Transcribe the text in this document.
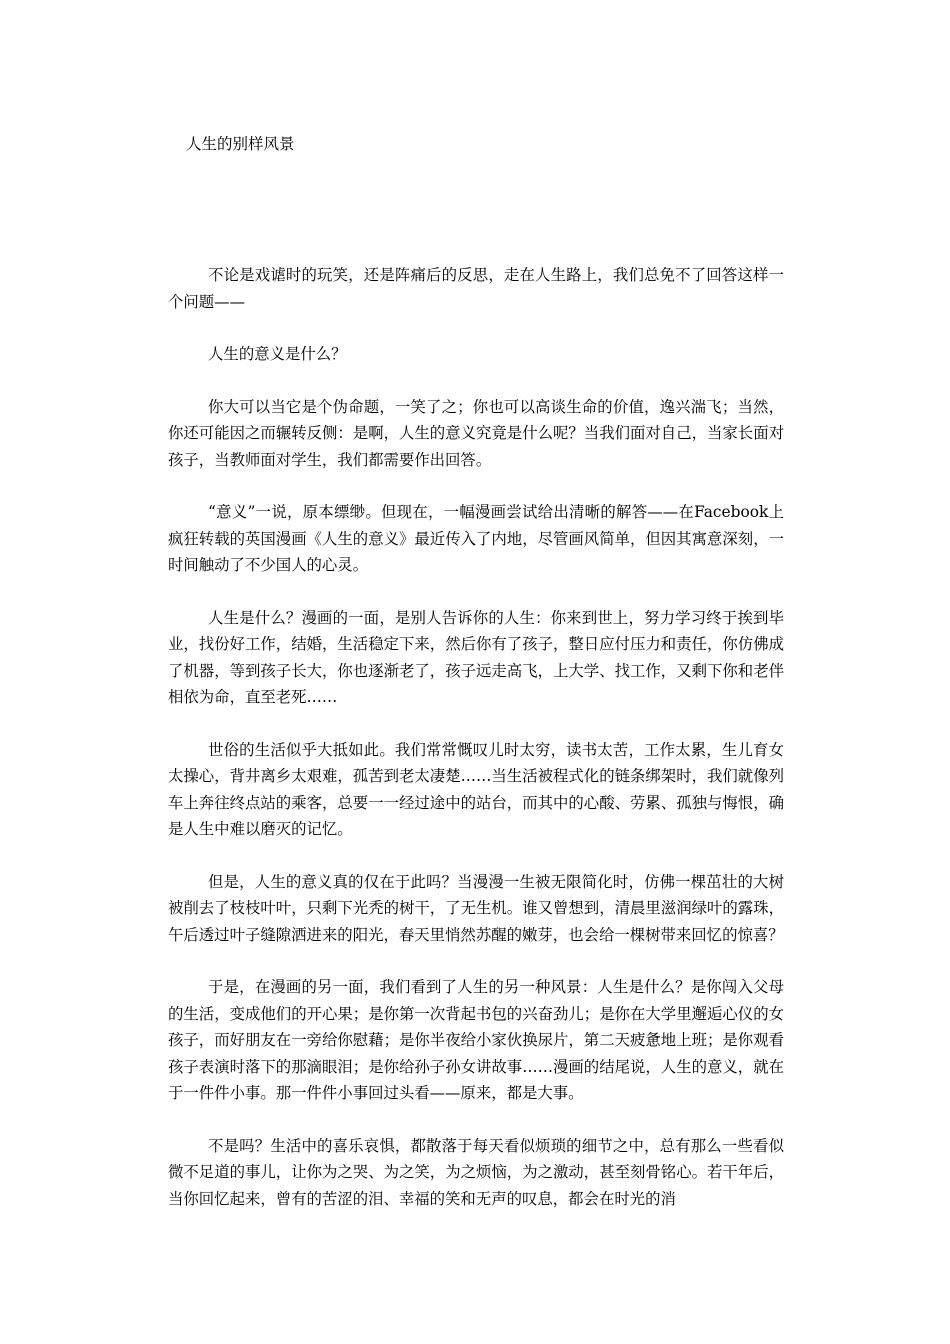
人生的别样风景

不论是戏谑时的玩笑，还是阵痛后的反思，走在人生路上，我们总免不了回答这样一个问题——

人生的意义是什么？

你大可以当它是个伪命题，一笑了之；你也可以高谈生命的价值，逸兴湍飞；当然，你还可能因之而辗转反侧：是啊，人生的意义究竟是什么呢？当我们面对自己，当家长面对孩子，当教师面对学生，我们都需要作出回答。

“意义”一说，原本缥缈。但现在，一幅漫画尝试给出清晰的解答——在Facebook上疯狂转载的英国漫画《人生的意义》最近传入了内地，尽管画风简单，但因其寓意深刻，一时间触动了不少国人的心灵。

人生是什么？漫画的一面，是别人告诉你的人生：你来到世上，努力学习终于挨到毕业，找份好工作，结婚，生活稳定下来，然后你有了孩子，整日应付压力和责任，你仿佛成了机器，等到孩子长大，你也逐渐老了，孩子远走高飞，上大学、找工作，又剩下你和老伴相依为命，直至老死……

世俗的生活似乎大抵如此。我们常常慨叹儿时太穷，读书太苦，工作太累，生儿育女太操心，背井离乡太艰难，孤苦到老太凄楚……当生活被程式化的链条绑架时，我们就像列车上奔往终点站的乘客，总要一一经过途中的站台，而其中的心酸、劳累、孤独与悔恨，确是人生中难以磨灭的记忆。

但是，人生的意义真的仅在于此吗？当漫漫一生被无限简化时，仿佛一棵茁壮的大树被削去了枝枝叶叶，只剩下光秃的树干，了无生机。谁又曾想到，清晨里滋润绿叶的露珠，午后透过叶子缝隙洒进来的阳光，春天里悄然苏醒的嫩芽，也会给一棵树带来回忆的惊喜？

于是，在漫画的另一面，我们看到了人生的另一种风景：人生是什么？是你闯入父母的生活，变成他们的开心果；是你第一次背起书包的兴奋劲儿；是你在大学里邂逅心仪的女孩子，而好朋友在一旁给你慰藉；是你半夜给小家伙换尿片，第二天疲惫地上班；是你观看孩子表演时落下的那滴眼泪；是你给孙子孙女讲故事……漫画的结尾说，人生的意义，就在于一件件小事。那一件件小事回过头看——原来，都是大事。

不是吗？生活中的喜乐哀惧，都散落于每天看似烦琐的细节之中，总有那么一些看似微不足道的事儿，让你为之哭、为之笑，为之烦恼，为之激动，甚至刻骨铭心。若干年后，当你回忆起来，曾有的苦涩的泪、幸福的笑和无声的叹息，都会在时光的消
